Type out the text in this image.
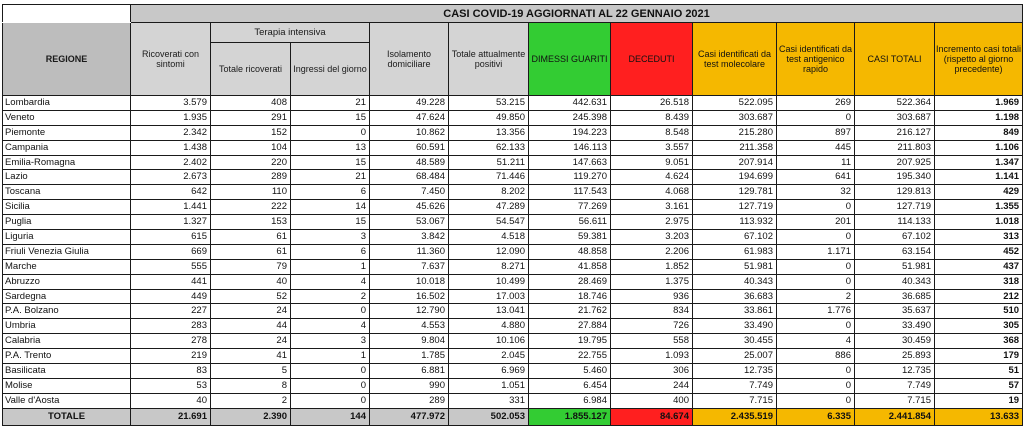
	CASI COVID-19 AGGIORNATI AL 22 GENNAIO 2021										
REGIONE	Ricoverati con sintomi	Terapia intensiva		Isolamento domiciliare	Totale attualmente positivi	DIMESSI GUARITI	DECEDUTI	Casi identificati da test molecolare	Casi identificati da test antigenico rapido	CASI TOTALI	Incremento casi totali (rispetto al giorno precedente)
		Totale ricoverati	Ingressi del giorno								
Lombardia	3.579	408	21	49.228	53.215	442.631	26.518	522.095	269	522.364	1.969
Veneto	1.935	291	15	47.624	49.850	245.398	8.439	303.687	0	303.687	1.198
Piemonte	2.342	152	0	10.862	13.356	194.223	8.548	215.280	897	216.127	849
Campania	1.438	104	13	60.591	62.133	146.113	3.557	211.358	445	211.803	1.106
Emilia-Romagna	2.402	220	15	48.589	51.211	147.663	9.051	207.914	11	207.925	1.347
Lazio	2.673	289	21	68.484	71.446	119.270	4.624	194.699	641	195.340	1.141
Toscana	642	110	6	7.450	8.202	117.543	4.068	129.781	32	129.813	429
Sicilia	1.441	222	14	45.626	47.289	77.269	3.161	127.719	0	127.719	1.355
Puglia	1.327	153	15	53.067	54.547	56.611	2.975	113.932	201	114.133	1.018
Liguria	615	61	3	3.842	4.518	59.381	3.203	67.102	0	67.102	313
Friuli Venezia Giulia	669	61	6	11.360	12.090	48.858	2.206	61.983	1.171	63.154	452
Marche	555	79	1	7.637	8.271	41.858	1.852	51.981	0	51.981	437
Abruzzo	441	40	4	10.018	10.499	28.469	1.375	40.343	0	40.343	318
Sardegna	449	52	2	16.502	17.003	18.746	936	36.683	2	36.685	212
P.A. Bolzano	227	24	0	12.790	13.041	21.762	834	33.861	1.776	35.637	510
Umbria	283	44	4	4.553	4.880	27.884	726	33.490	0	33.490	305
Calabria	278	24	3	9.804	10.106	19.795	558	30.455	4	30.459	368
P.A. Trento	219	41	1	1.785	2.045	22.755	1.093	25.007	886	25.893	179
Basilicata	83	5	0	6.881	6.969	5.460	306	12.735	0	12.735	51
Molise	53	8	0	990	1.051	6.454	244	7.749	0	7.749	57
Valle d'Aosta	40	2	0	289	331	6.984	400	7.715	0	7.715	19
TOTALE	21.691	2.390	144	477.972	502.053	1.855.127	84.674	2.435.519	6.335	2.441.854	13.633
